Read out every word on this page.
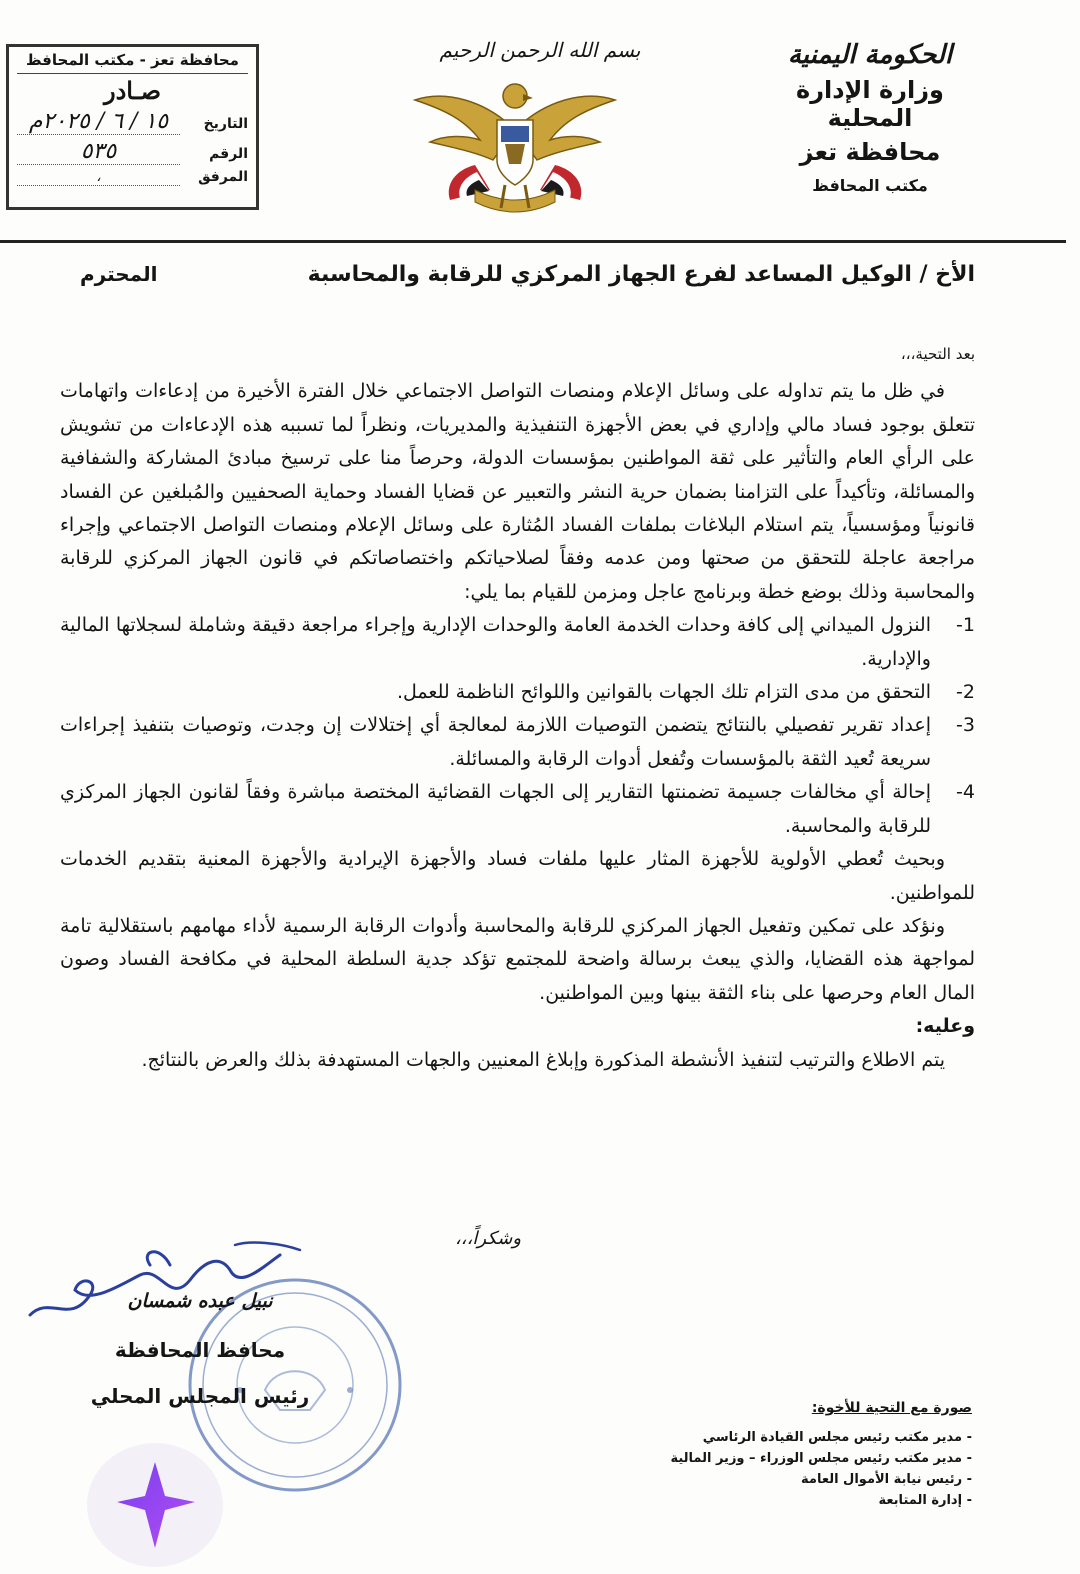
الحكومة اليمنية
وزارة الإدارة المحلية
محافظة تعز
مكتب المحافظ
بسم الله الرحمن الرحيم
محافظة تعز - مكتب المحافظ
صـادر
التاريخ
١٥ / ٦ / ٢٠٢٥م
الرقم
٥٣٥
المرفق
،
الأخ / الوكيل المساعد لفرع الجهاز المركزي للرقابة والمحاسبة
المحترم
بعد التحية،،،

في ظل ما يتم تداوله على وسائل الإعلام ومنصات التواصل الاجتماعي خلال الفترة الأخيرة من إدعاءات واتهامات تتعلق بوجود فساد مالي وإداري في بعض الأجهزة التنفيذية والمديريات، ونظراً لما تسببه هذه الإدعاءات من تشويش على الرأي العام والتأثير على ثقة المواطنين بمؤسسات الدولة، وحرصاً منا على ترسيخ مبادئ المشاركة والشفافية والمسائلة، وتأكيداً على التزامنا بضمان حرية النشر والتعبير عن قضايا الفساد وحماية الصحفيين والمُبلغين عن الفساد قانونياً ومؤسسياً، يتم استلام البلاغات بملفات الفساد المُثارة على وسائل الإعلام ومنصات التواصل الاجتماعي وإجراء مراجعة عاجلة للتحقق من صحتها ومن عدمه وفقاً لصلاحياتكم واختصاصاتكم في قانون الجهاز المركزي للرقابة والمحاسبة وذلك بوضع خطة وبرنامج عاجل ومزمن للقيام بما يلي:

1-
النزول الميداني إلى كافة وحدات الخدمة العامة والوحدات الإدارية وإجراء مراجعة دقيقة وشاملة لسجلاتها المالية والإدارية.
2-
التحقق من مدى التزام تلك الجهات بالقوانين واللوائح الناظمة للعمل.
3-
إعداد تقرير تفصيلي بالنتائج يتضمن التوصيات اللازمة لمعالجة أي إختلالات إن وجدت، وتوصيات بتنفيذ إجراءات سريعة تُعيد الثقة بالمؤسسات وتُفعل أدوات الرقابة والمسائلة.
4-
إحالة أي مخالفات جسيمة تضمنتها التقارير إلى الجهات القضائية المختصة مباشرة وفقاً لقانون الجهاز المركزي للرقابة والمحاسبة.

وبحيث تُعطي الأولوية للأجهزة المثار عليها ملفات فساد والأجهزة الإيرادية والأجهزة المعنية بتقديم الخدمات للمواطنين.

ونؤكد على تمكين وتفعيل الجهاز المركزي للرقابة والمحاسبة وأدوات الرقابة الرسمية لأداء مهامهم باستقلالية تامة لمواجهة هذه القضايا، والذي يبعث برسالة واضحة للمجتمع تؤكد جدية السلطة المحلية في مكافحة الفساد وصون المال العام وحرصها على بناء الثقة بينها وبين المواطنين.

وعليه:

يتم الاطلاع والترتيب لتنفيذ الأنشطة المذكورة وإبلاغ المعنيين والجهات المستهدفة بذلك والعرض بالنتائج.

وشكراً،،،
نبيل عبده شمسان
محافظ المحافظة
رئيس المجلس المحلي	صورة مع التحية للأخوة:
- مدير مكتب رئيس مجلس القيادة الرئاسي
- مدير مكتب رئيس مجلس الوزراء – وزير المالية
- رئيس نيابة الأموال العامة
- إدارة المتابعة
